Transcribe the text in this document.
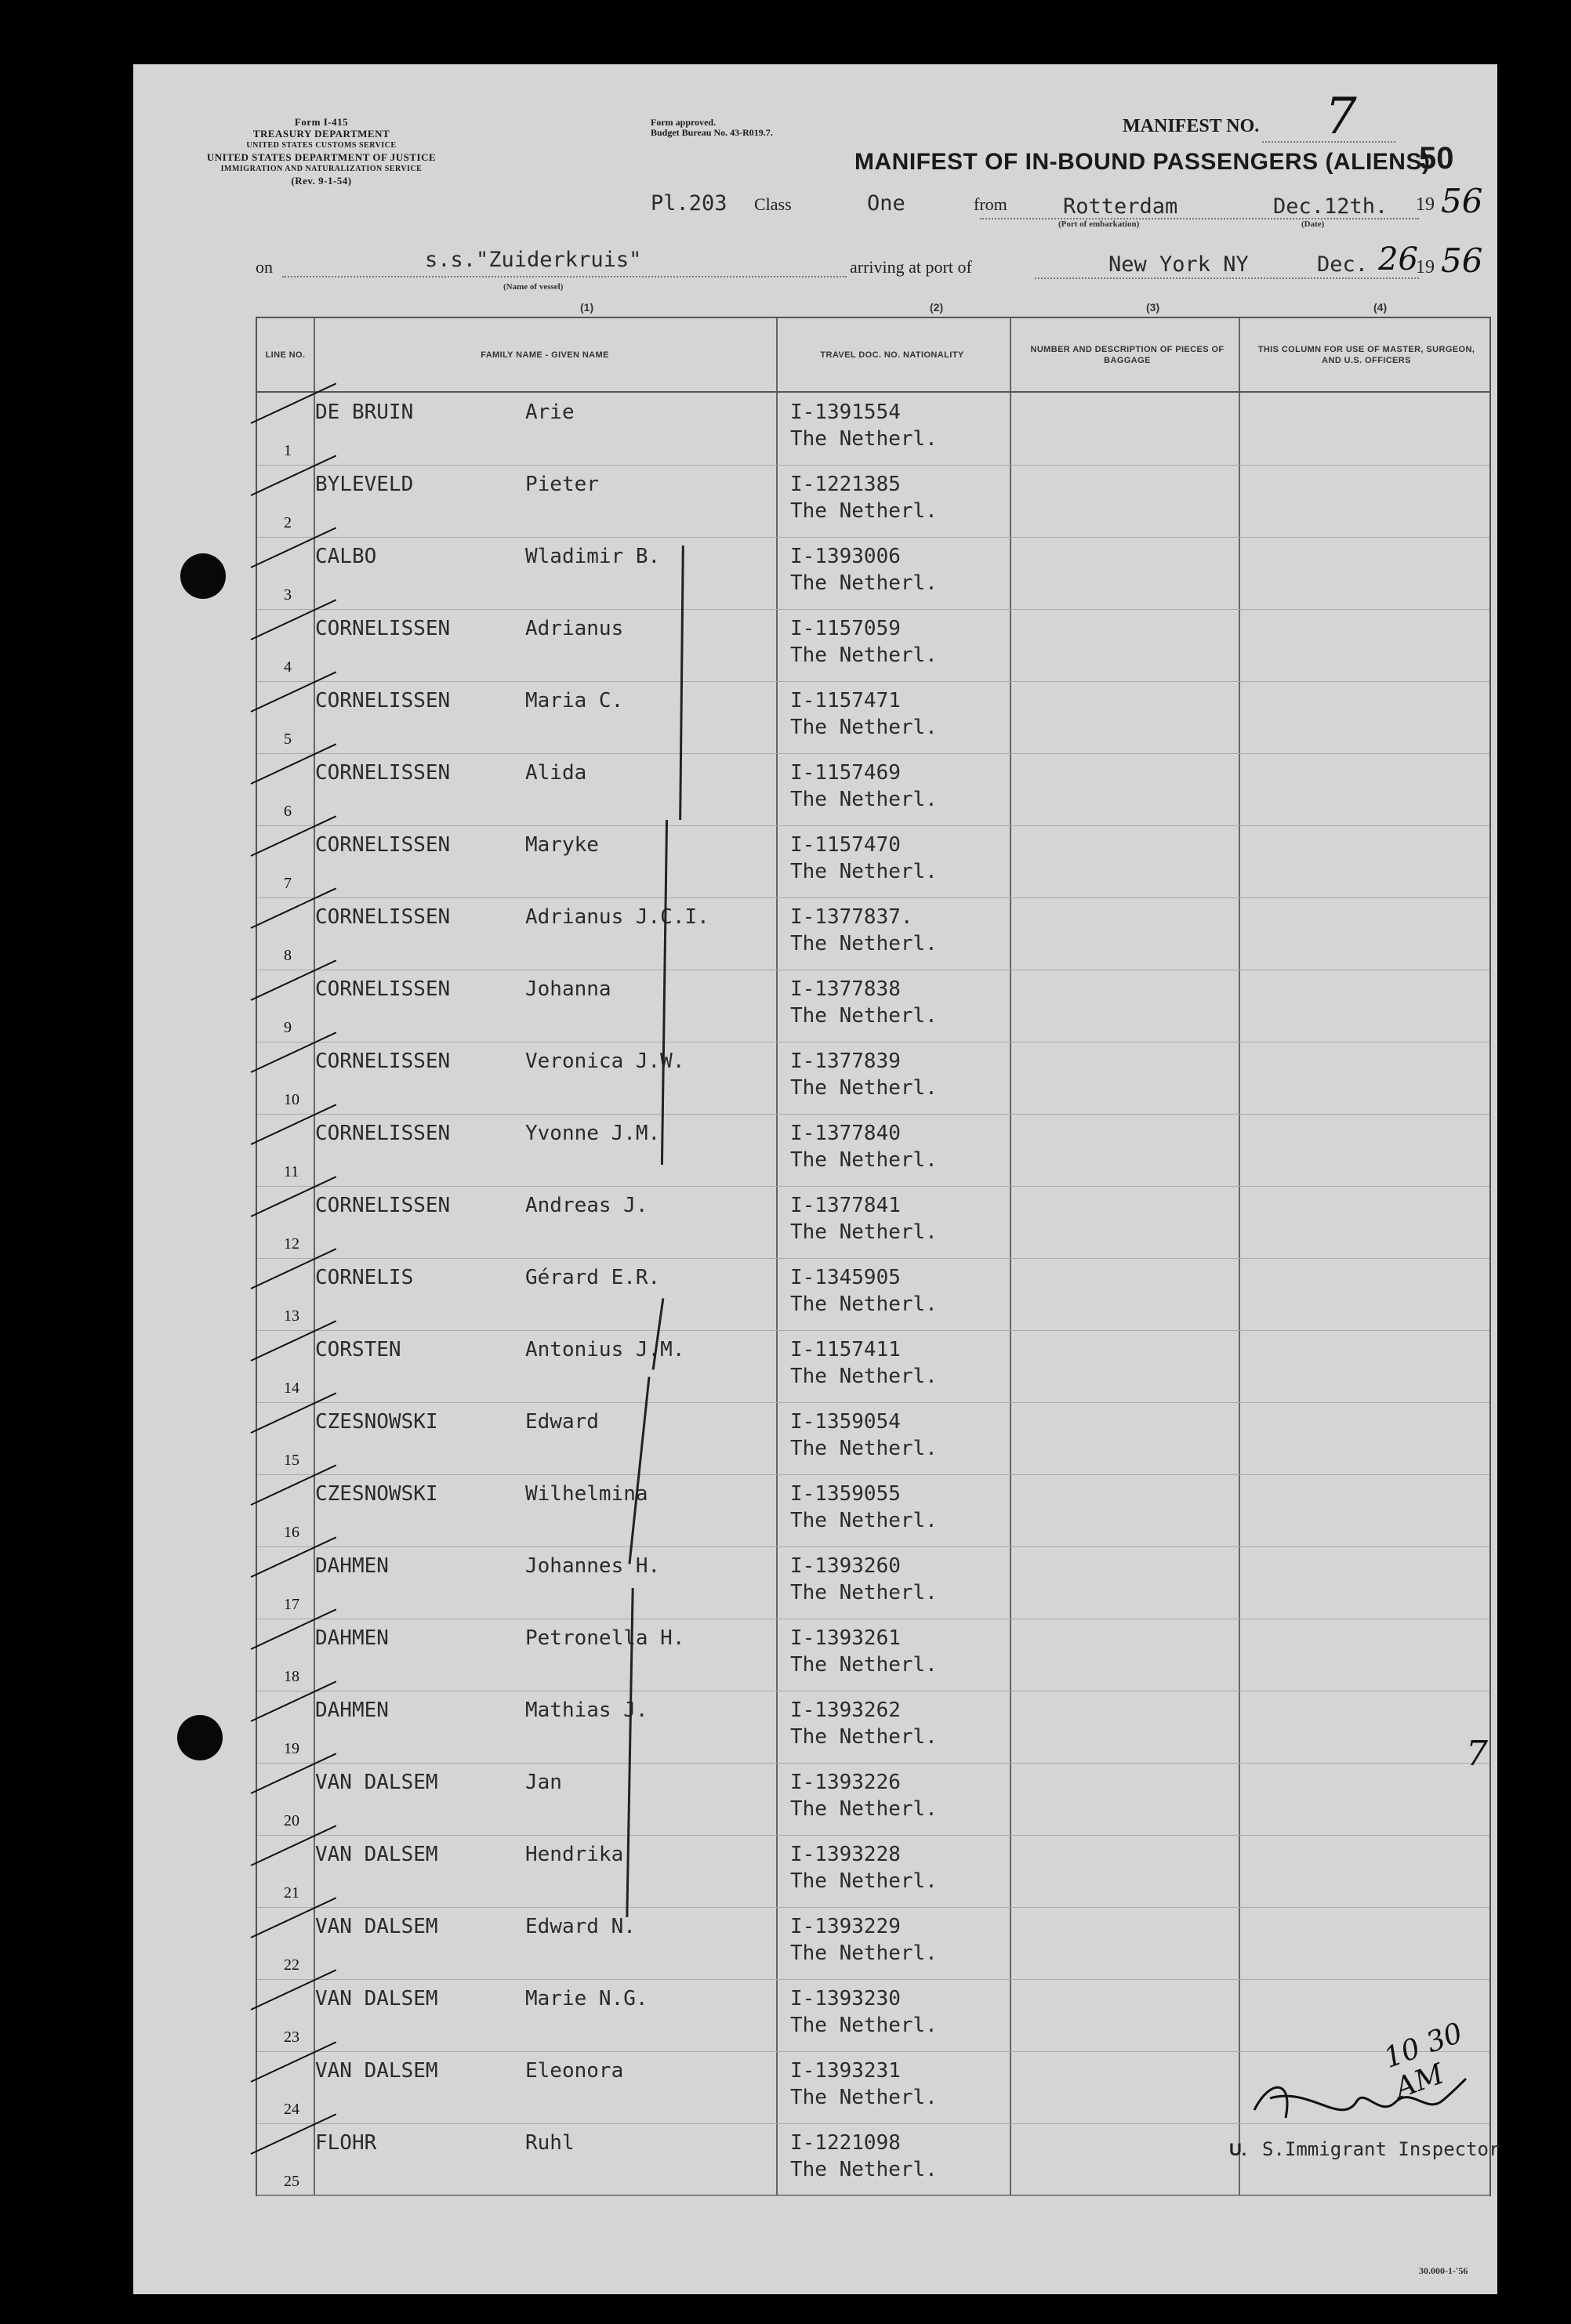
Form I-415
TREASURY DEPARTMENT
UNITED STATES CUSTOMS SERVICE
UNITED STATES DEPARTMENT OF JUSTICE
IMMIGRATION AND NATURALIZATION SERVICE
(Rev. 9-1-54)
Form approved.
Budget Bureau No. 43-R019.7.	MANIFEST NO. 7
MANIFEST OF IN-BOUND PASSENGERS (ALIENS)
50
Pl.203 Class	One	from	Rotterdam
(Port of embarkation)
Dec.12th.
(Date)
19 56
on	s.s."Zuiderkruis"
(Name of vessel)
arriving at port of	New York NY	Dec. 26
19 56
(1)	(2)	(3)	(4)
LINE NO.	FAMILY NAME - GIVEN NAME	TRAVEL DOC. NO. NATIONALITY
NUMBER AND DESCRIPTION OF PIECES OF BAGGAGE
THIS COLUMN FOR USE OF MASTER, SURGEON, AND U.S. OFFICERS
1
DE BRUIN	Arie	I-1391554
The Netherl.
2
BYLEVELD	Pieter	I-1221385
The Netherl.
3
CALBO	Wladimir B.	I-1393006
The Netherl.
4
CORNELISSEN	Adrianus	I-1157059
The Netherl.
5
CORNELISSEN	Maria C.	I-1157471
The Netherl.
6
CORNELISSEN	Alida	I-1157469
The Netherl.
7
CORNELISSEN	Maryke	I-1157470
The Netherl.
8
CORNELISSEN	Adrianus J.C.I.	I-1377837.
The Netherl.
9
CORNELISSEN	Johanna	I-1377838
The Netherl.
10
CORNELISSEN	Veronica J.W.	I-1377839
The Netherl.
11
CORNELISSEN	Yvonne J.M.	I-1377840
The Netherl.
12
CORNELISSEN	Andreas J.	I-1377841
The Netherl.
13
CORNELIS	Gérard E.R.	I-1345905
The Netherl.
14
CORSTEN	Antonius J.M.	I-1157411
The Netherl.
15
CZESNOWSKI	Edward	I-1359054
The Netherl.
16
CZESNOWSKI	Wilhelmina	I-1359055
The Netherl.
17
DAHMEN	Johannes H.	I-1393260
The Netherl.
18
DAHMEN	Petronella H.	I-1393261
The Netherl.
19
DAHMEN	Mathias J.	I-1393262
The Netherl.
20
VAN DALSEM	Jan	I-1393226
The Netherl.
21
VAN DALSEM	Hendrika	I-1393228
The Netherl.
22
VAN DALSEM	Edward N.	I-1393229
The Netherl.
23
VAN DALSEM	Marie N.G.	I-1393230
The Netherl.
24
VAN DALSEM	Eleonora	I-1393231
The Netherl.
25
FLOHR	Ruhl	I-1221098
The Netherl.
7
10 30 AM
U. S.Immigrant Inspector
30.000-1-'56
